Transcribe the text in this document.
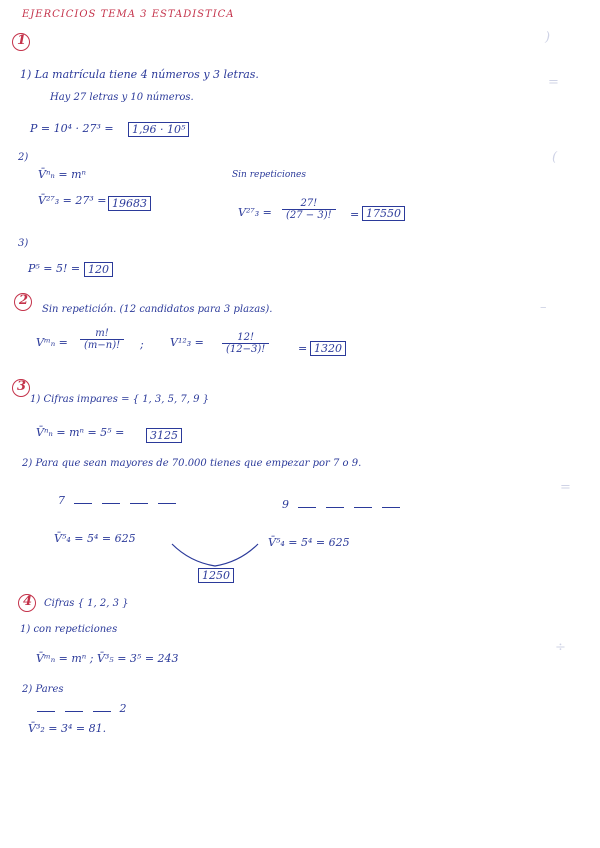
)
=
(
–
=
÷
EJERCICIOS TEMA 3 ESTADISTICA
1
1) La matrícula tiene 4 números y 3 letras.
Hay 27 letras y 10 números.
P = 10⁴ · 27³ =	1,96 · 10⁵
2)
V̄ⁿₙ = mⁿ	Sin repeticiones
V̄²⁷₃ = 27³ = 19683
$V^{27}_3 = \frac{27!}{(27 - 3)!} = 17550$
3)
P⁵ = 5! = 120
2
Sin repetición. (12 candidatos para 3 plazas).
Vᵐₙ = $\frac{m!}{(m-n)!}$ ; $V^{12}_3 = \frac{12!}{(12-3)!}$	= 1320
3
1) Cifras impares = { 1, 3, 5, 7, 9 }
V̄ⁿₙ = mⁿ = 5⁵ =	3125
2) Para que sean mayores de 70.000 tienes que empezar por 7 o 9.
7	9
V̄⁵₄ = 5⁴ = 625	V̄⁵₄ = 5⁴ = 625
1250
4 Cifras { 1, 2, 3 }
1) con repeticiones
V̄ᵐₙ = mⁿ ; V̄³₅ = 3⁵ = 243
2) Pares
2
V̄³₂ = 3⁴ = 81.
